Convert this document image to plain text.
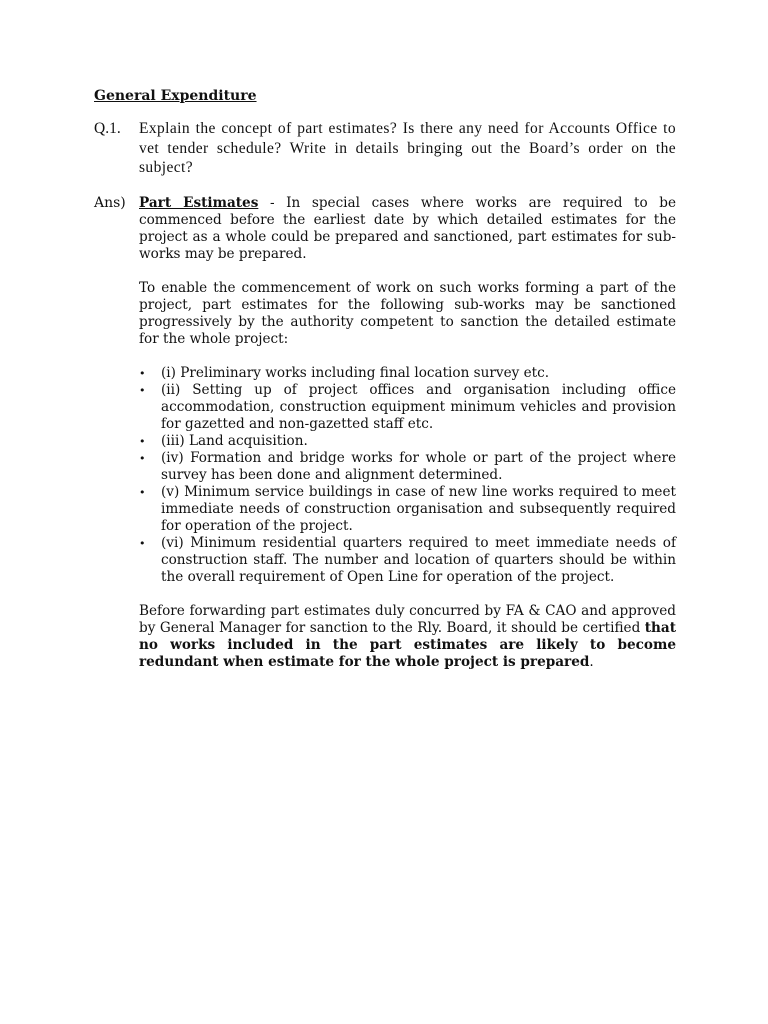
General Expenditure
Q.1.	Explain the concept of part estimates? Is there any need for Accounts Office to vet tender schedule? Write in details bringing out the Board’s order on the subject?

Ans) Part Estimates - In special cases where works are required to be commenced before the earliest date by which detailed estimates for the project as a whole could be prepared and sanctioned, part estimates for sub- works may be prepared.

To enable the commencement of work on such works forming a part of the project, part estimates for the following sub-works may be sanctioned progressively by the authority competent to sanction the detailed estimate for the whole project:

•	(i) Preliminary works including final location survey etc.
•	(ii) Setting up of project offices and organisation including office accommodation, construction equipment minimum vehicles and provision for gazetted and non-gazetted staff etc.
•	(iii) Land acquisition.
•	(iv) Formation and bridge works for whole or part of the project where survey has been done and alignment determined.
•	(v) Minimum service buildings in case of new line works required to meet immediate needs of construction organisation and subsequently required for operation of the project.
•	(vi) Minimum residential quarters required to meet immediate needs of construction staff. The number and location of quarters should be within the overall requirement of Open Line for operation of the project.

Before forwarding part estimates duly concurred by FA & CAO and approved by General Manager for sanction to the Rly. Board, it should be certified that no works included in the part estimates are likely to become redundant when estimate for the whole project is prepared.
